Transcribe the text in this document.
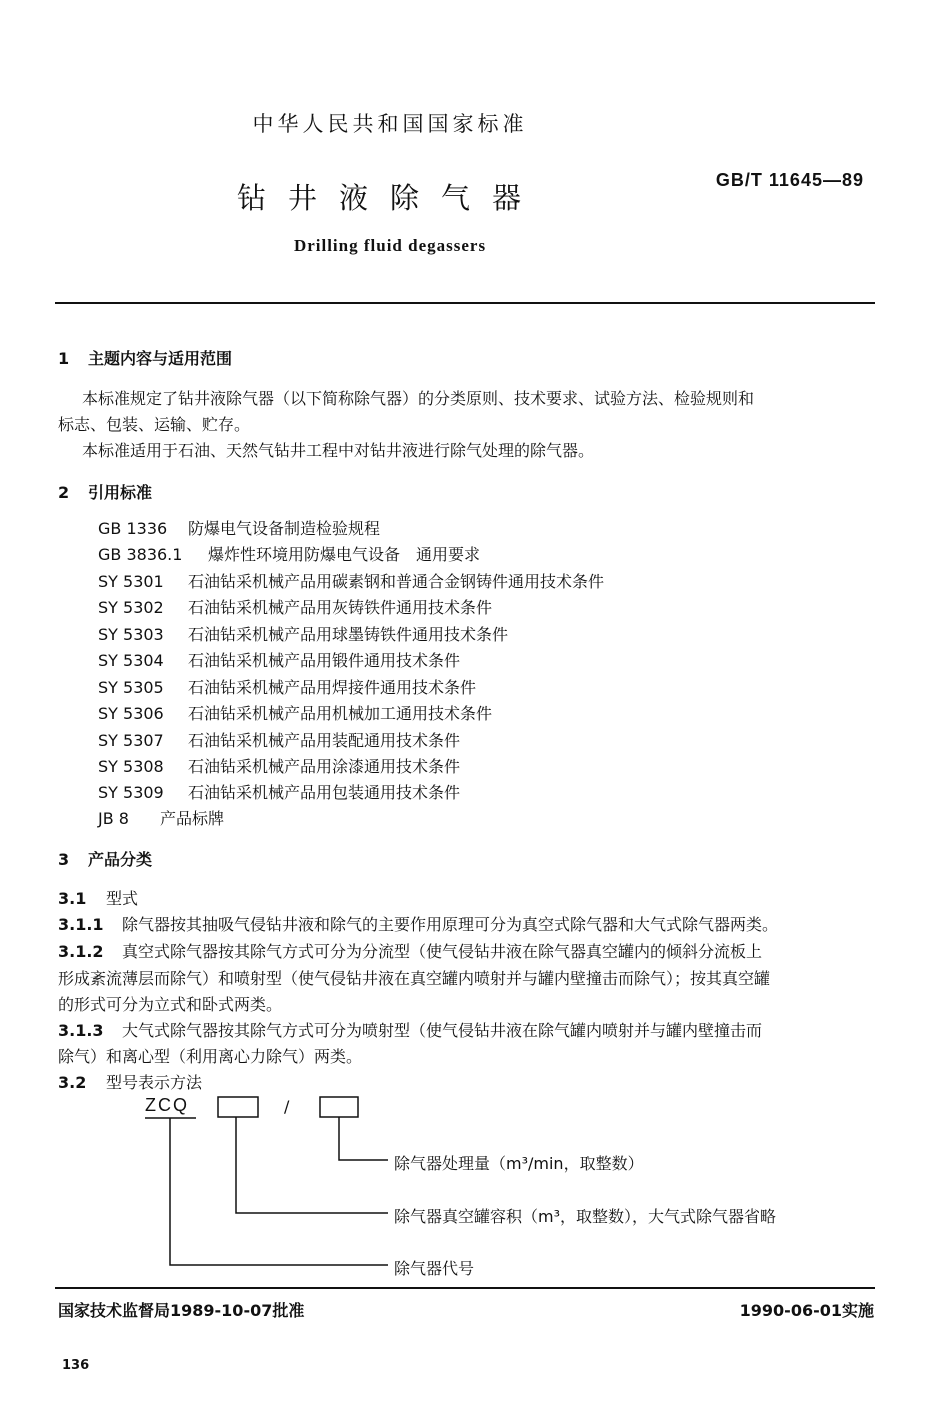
中华人民共和国国家标准
钻井液除气器
GB/T 11645—89
Drilling fluid degassers
1 主题内容与适用范围
本标准规定了钻井液除气器（以下简称除气器）的分类原则、技术要求、试验方法、检验规则和
标志、包装、运输、贮存。
本标准适用于石油、天然气钻井工程中对钻井液进行除气处理的除气器。
2 引用标准
GB 1336 防爆电气设备制造检验规程
GB 3836.1 爆炸性环境用防爆电气设备　通用要求
SY 5301 石油钻采机械产品用碳素钢和普通合金钢铸件通用技术条件
SY 5302 石油钻采机械产品用灰铸铁件通用技术条件
SY 5303 石油钻采机械产品用球墨铸铁件通用技术条件
SY 5304 石油钻采机械产品用锻件通用技术条件
SY 5305 石油钻采机械产品用焊接件通用技术条件
SY 5306 石油钻采机械产品用机械加工通用技术条件
SY 5307 石油钻采机械产品用装配通用技术条件
SY 5308 石油钻采机械产品用涂漆通用技术条件
SY 5309 石油钻采机械产品用包装通用技术条件
JB 8 产品标牌
3 产品分类
3.1 型式
3.1.1 除气器按其抽吸气侵钻井液和除气的主要作用原理可分为真空式除气器和大气式除气器两类。
3.1.2 真空式除气器按其除气方式可分为分流型（使气侵钻井液在除气器真空罐内的倾斜分流板上
形成紊流薄层而除气）和喷射型（使气侵钻井液在真空罐内喷射并与罐内壁撞击而除气）；按其真空罐
的形式可分为立式和卧式两类。
3.1.3 大气式除气器按其除气方式可分为喷射型（使气侵钻井液在除气罐内喷射并与罐内壁撞击而
除气）和离心型（利用离心力除气）两类。
3.2 型号表示方法
ZCQ	/
除气器处理量（m³/min，取整数）
除气器真空罐容积（m³，取整数），大气式除气器省略
除气器代号
国家技术监督局1989-10-07批准	1990-06-01实施
136
